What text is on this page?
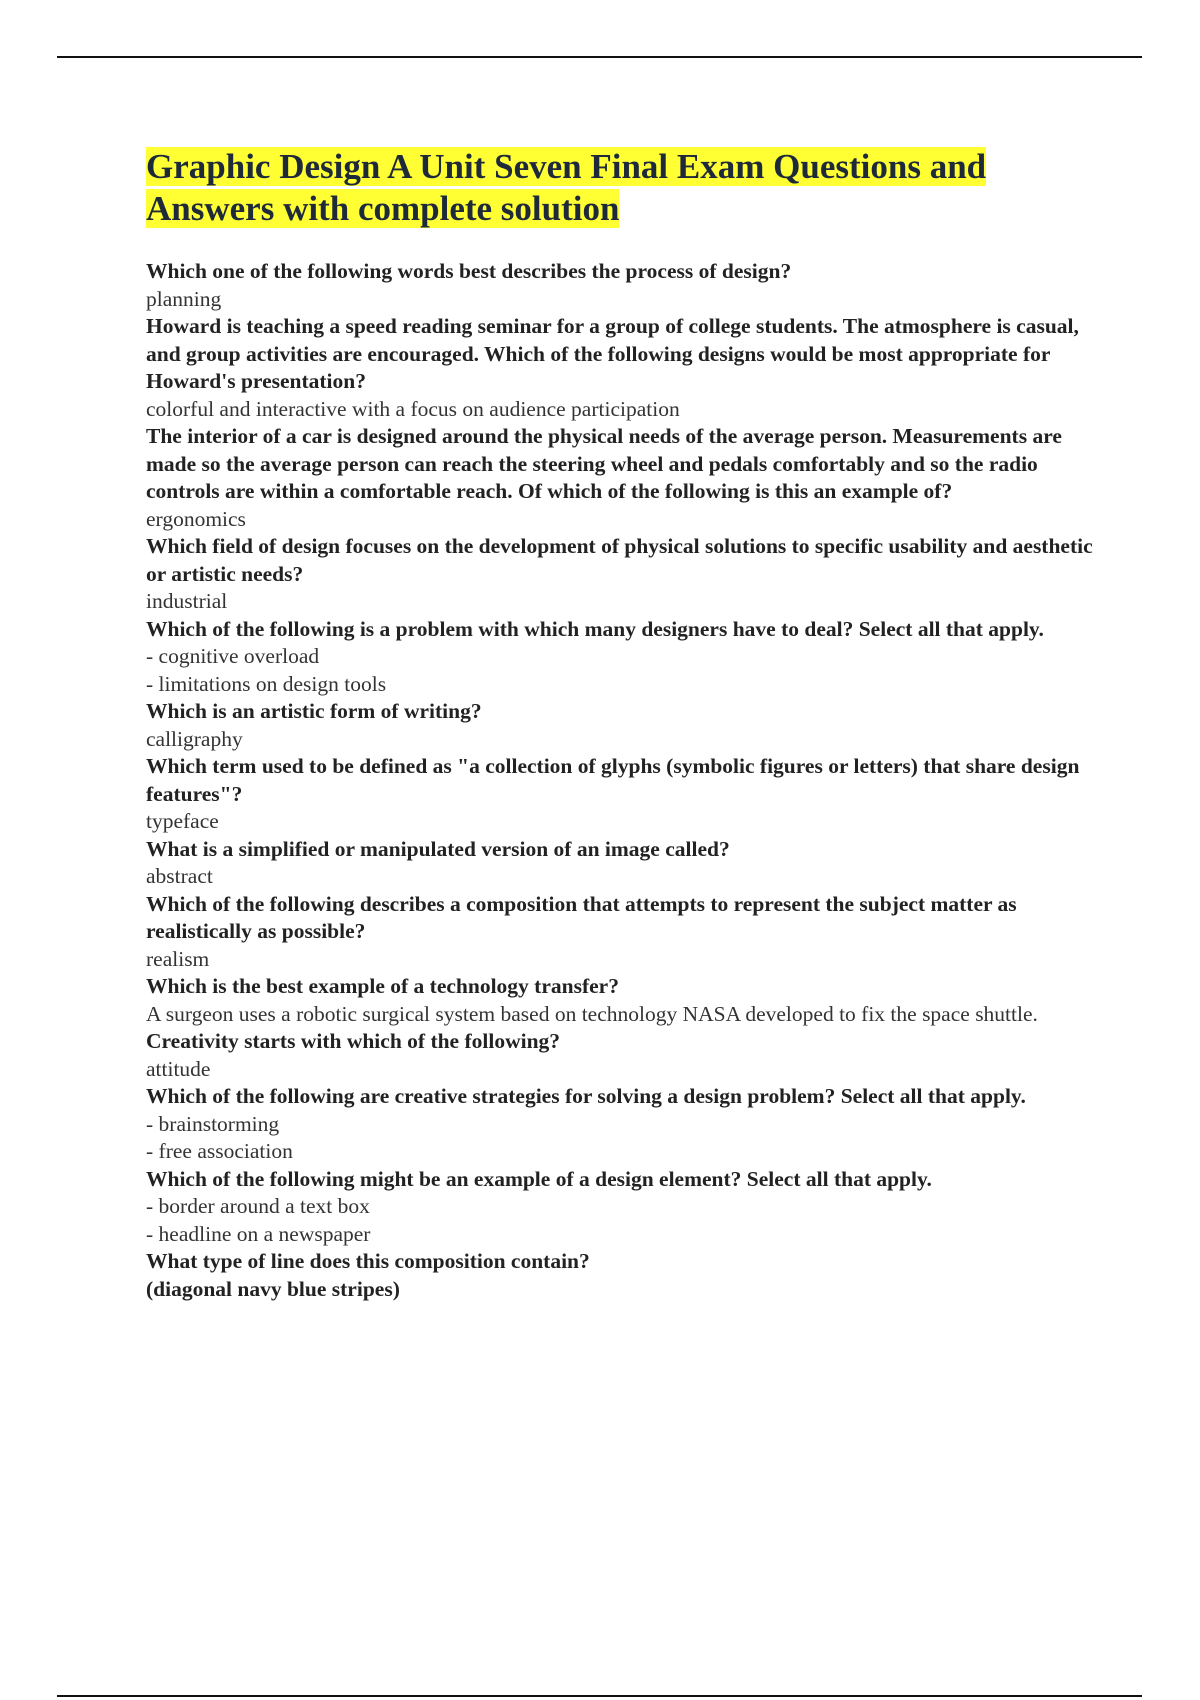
Graphic Design A Unit Seven Final Exam Questions and Answers with complete solution

Which one of the following words best describes the process of design?

planning

Howard is teaching a speed reading seminar for a group of college students. The atmosphere is casual, and group activities are encouraged. Which of the following designs would be most appropriate for Howard's presentation?

colorful and interactive with a focus on audience participation

The interior of a car is designed around the physical needs of the average person. Measurements are made so the average person can reach the steering wheel and pedals comfortably and so the radio controls are within a comfortable reach. Of which of the following is this an example of?

ergonomics

Which field of design focuses on the development of physical solutions to specific usability and aesthetic or artistic needs?

industrial

Which of the following is a problem with which many designers have to deal? Select all that apply.

- cognitive overload

- limitations on design tools

Which is an artistic form of writing?

calligraphy

Which term used to be defined as "a collection of glyphs (symbolic figures or letters) that share design features"?

typeface

What is a simplified or manipulated version of an image called?

abstract

Which of the following describes a composition that attempts to represent the subject matter as realistically as possible?

realism

Which is the best example of a technology transfer?

A surgeon uses a robotic surgical system based on technology NASA developed to fix the space shuttle.

Creativity starts with which of the following?

attitude

Which of the following are creative strategies for solving a design problem? Select all that apply.

- brainstorming

- free association

Which of the following might be an example of a design element? Select all that apply.

- border around a text box

- headline on a newspaper

What type of line does this composition contain?

(diagonal navy blue stripes)
